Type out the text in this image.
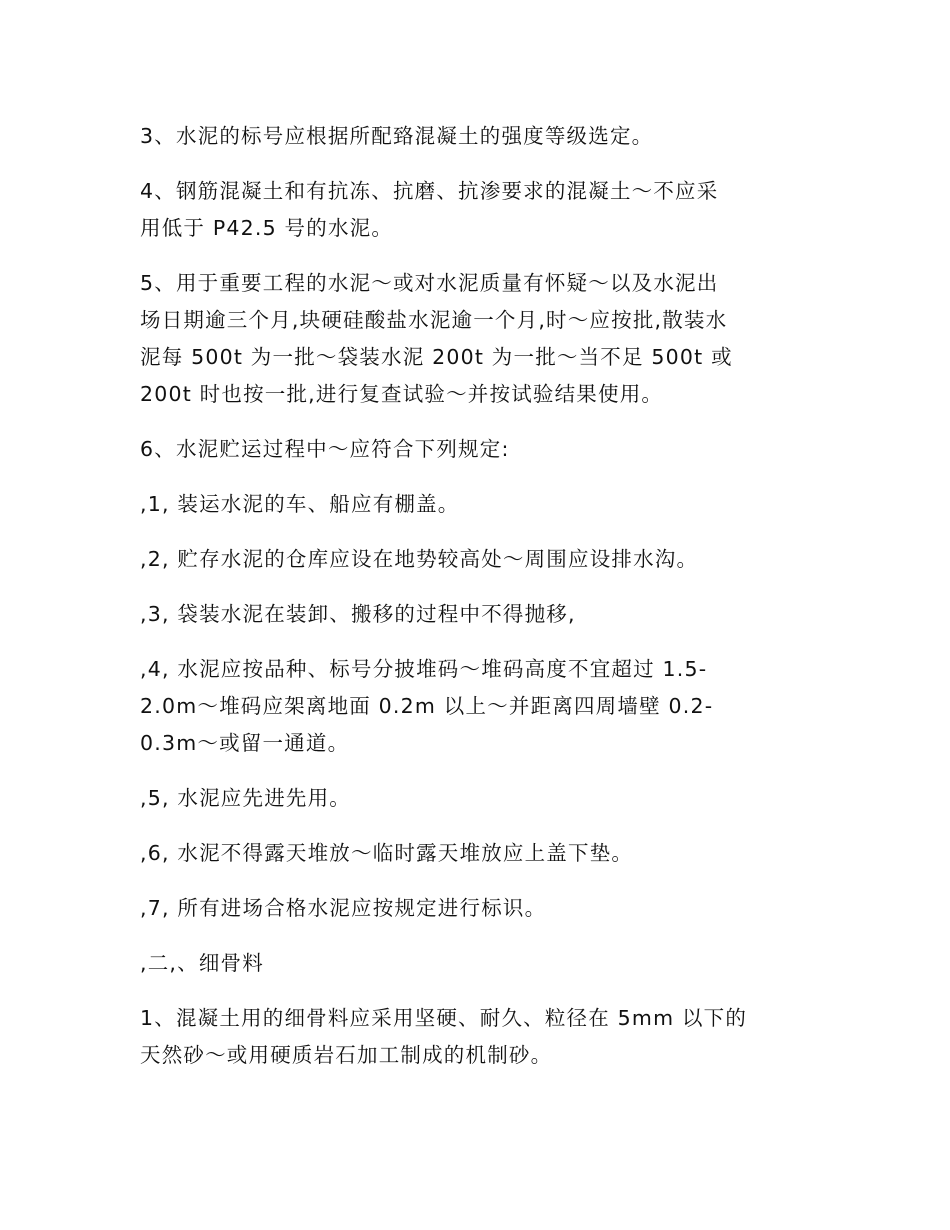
3、水泥的标号应根据所配臵混凝土的强度等级选定。

4、钢筋混凝土和有抗冻、抗磨、抗渗要求的混凝土～不应采
用低于 P42.5 号的水泥。

5、用于重要工程的水泥～或对水泥质量有怀疑～以及水泥出
场日期逾三个月,块硬硅酸盐水泥逾一个月,时～应按批,散装水
泥每 500t 为一批～袋装水泥 200t 为一批～当不足 500t 或
200t 时也按一批,进行复查试验～并按试验结果使用。

6、水泥贮运过程中～应符合下列规定:

,1, 装运水泥的车、船应有棚盖。

,2, 贮存水泥的仓库应设在地势较高处～周围应设排水沟。

,3, 袋装水泥在装卸、搬移的过程中不得抛移,

,4, 水泥应按品种、标号分披堆码～堆码高度不宜超过 1.5-
2.0m～堆码应架离地面 0.2m 以上～并距离四周墙壁 0.2-
0.3m～或留一通道。

,5, 水泥应先进先用。

,6, 水泥不得露天堆放～临时露天堆放应上盖下垫。

,7, 所有进场合格水泥应按规定进行标识。

,二,、细骨料

1、混凝土用的细骨料应采用坚硬、耐久、粒径在 5mm 以下的
天然砂～或用硬质岩石加工制成的机制砂。
